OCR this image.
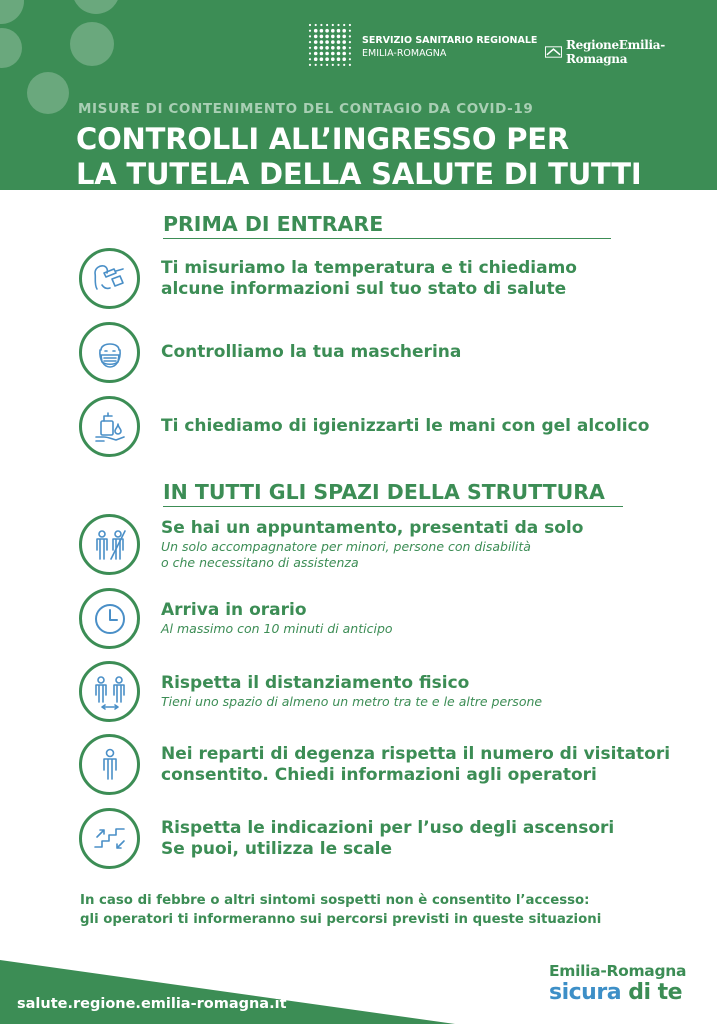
SERVIZIO SANITARIO REGIONALE
EMILIA-ROMAGNA
RegioneEmilia-Romagna
MISURE DI CONTENIMENTO DEL CONTAGIO DA COVID-19
CONTROLLI ALL’INGRESSO PER
LA TUTELA DELLA SALUTE DI TUTTI
PRIMA DI ENTRARE
Ti misuriamo la temperatura e ti chiediamo
alcune informazioni sul tuo stato di salute
Controlliamo la tua mascherina
Ti chiediamo di igienizzarti le mani con gel alcolico
IN TUTTI GLI SPAZI DELLA STRUTTURA
Se hai un appuntamento, presentati da solo
Un solo accompagnatore per minori, persone con disabilità
o che necessitano di assistenza
Arriva in orario
Al massimo con 10 minuti di anticipo
Rispetta il distanziamento fisico
Tieni uno spazio di almeno un metro tra te e le altre persone
Nei reparti di degenza rispetta il numero di visitatori
consentito. Chiedi informazioni agli operatori
Rispetta le indicazioni per l’uso degli ascensori
Se puoi, utilizza le scale
In caso di febbre o altri sintomi sospetti non è consentito l’accesso:
gli operatori ti informeranno sui percorsi previsti in queste situazioni
salute.regione.emilia-romagna.it
Emilia-Romagna
sicura di te
